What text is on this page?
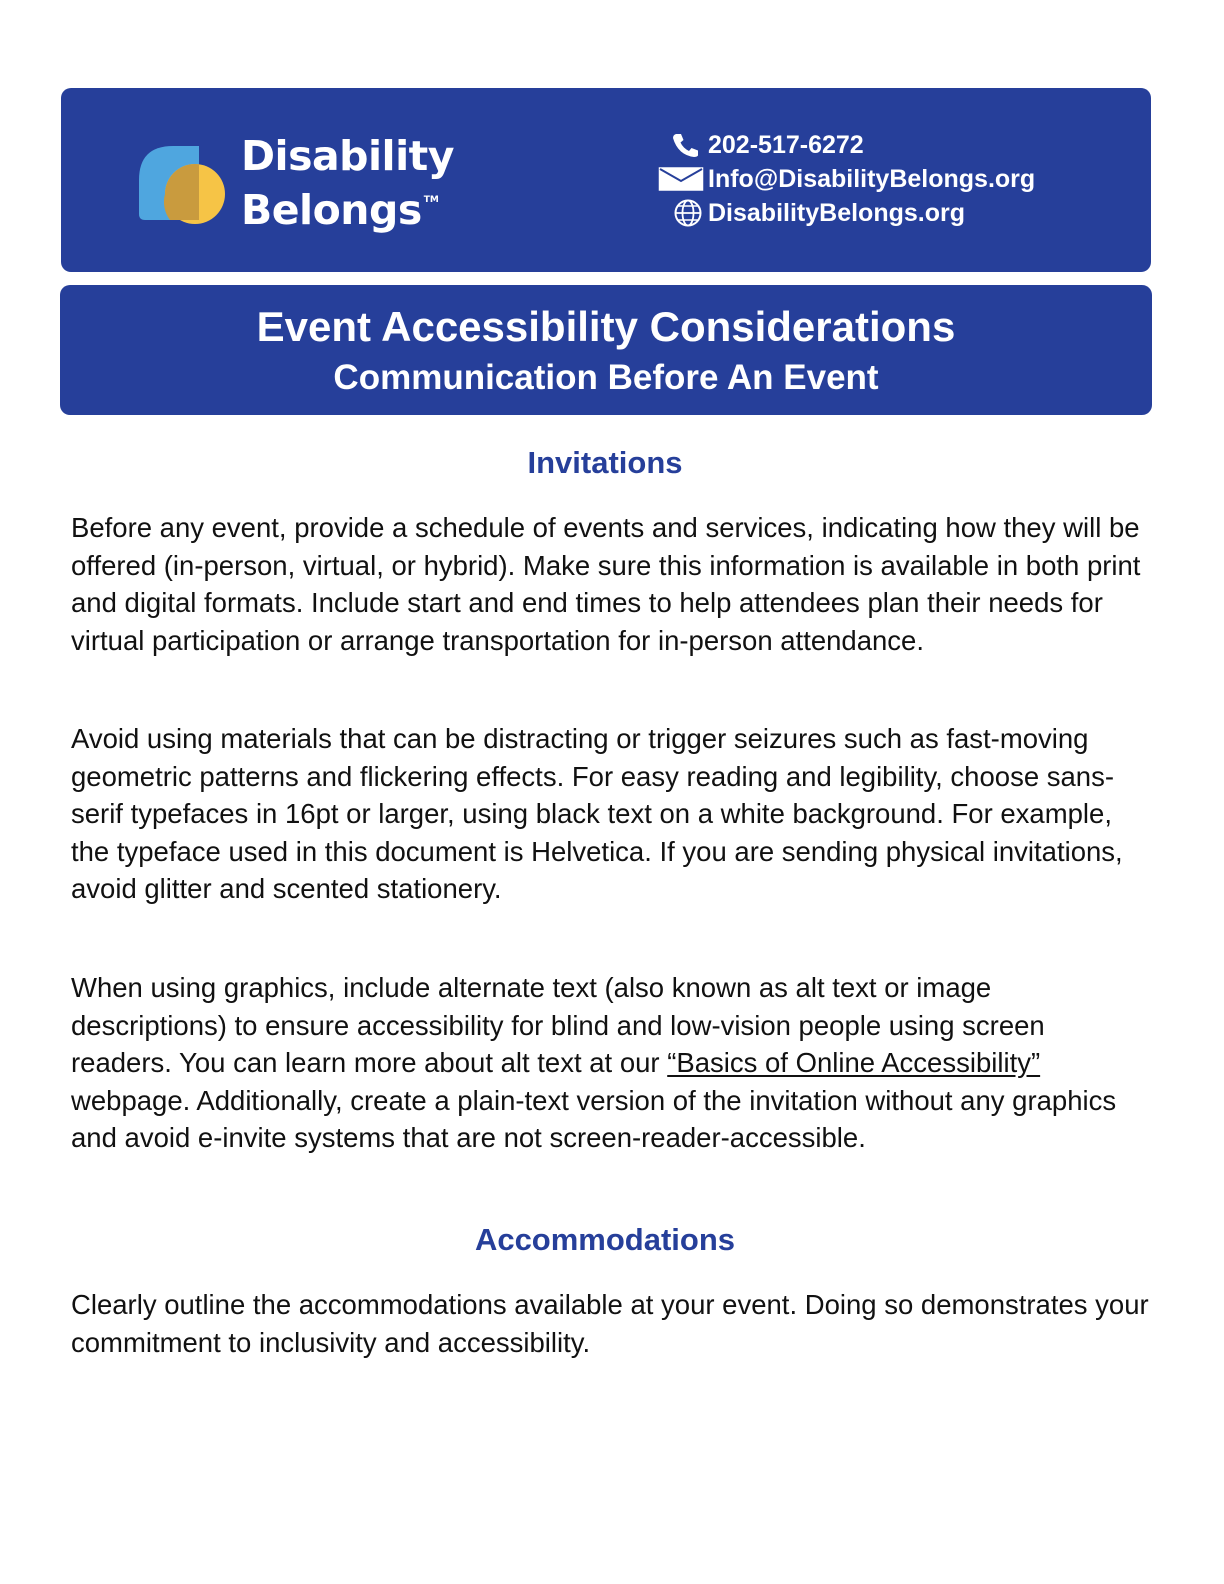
Disability
Belongs ™
202-517-6272
Info@DisabilityBelongs.org
DisabilityBelongs.org
Event Accessibility Considerations
Communication Before An Event
Invitations

Before any event, provide a schedule of events and services, indicating how they will be offered (in-person, virtual, or hybrid). Make sure this information is available in both print and digital formats. Include start and end times to help attendees plan their needs for virtual participation or arrange transportation for in-person attendance.

Avoid using materials that can be distracting or trigger seizures such as fast-moving geometric patterns and flickering effects. For easy reading and legibility, choose sans-serif typefaces in 16pt or larger, using black text on a white background. For example, the typeface used in this document is Helvetica. If you are sending physical invitations, avoid glitter and scented stationery.

When using graphics, include alternate text (also known as alt text or image descriptions) to ensure accessibility for blind and low-vision people using screen readers. You can learn more about alt text at our “Basics of Online Accessibility” webpage. Additionally, create a plain-text version of the invitation without any graphics and avoid e-invite systems that are not screen-reader-accessible.

Accommodations

Clearly outline the accommodations available at your event. Doing so demonstrates your commitment to inclusivity and accessibility.
